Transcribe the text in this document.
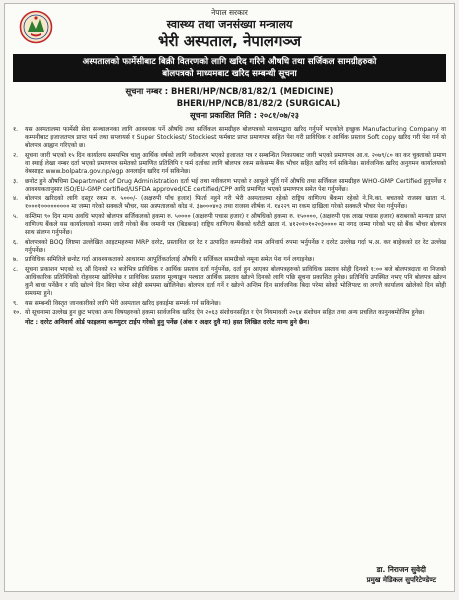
नेपाल सरकार
स्वास्थ्य तथा जनसंख्या मन्त्रालय
भेरी अस्पताल, नेपालगञ्ज
अस्पतालको फार्मेसीबाट बिक्री वितरणको लागि खरिद गरिने औषधि तथा सर्जिकल सामग्रीहरुको
बोलपत्रको माध्यमबाट खरिद सम्बन्धी सूचना
सूचना नम्बर : BHERI/HP/NCB/81/82/1 (MEDICINE)
BHERI/HP/NCB/81/82/2 (SURGICAL)
सूचना प्रकाशित मिति : २०८१/०७/२३
१.	यस अस्पतालमा फार्मेसी सेवा सञ्चालनका लागि आवश्यक पर्ने औषधि तथा सर्जिकल सामग्रीहरु बोलपत्रको माध्यमद्वारा खरिद गर्नुपर्ने भएकोले इच्छुक Manufacturing Company वा कम्पनीबाट इजाजतपत्र प्राप्त फर्म तथा सप्लायर्स र Super Stockiest/ Stockiest फर्मबाट प्राप्त प्रमाणपत्र सहित पेश गरी प्राविधिक र आर्थिक प्रस्ताव Soft copy खरिद गरी पेश गर्न यो बोलपत्र आह्वान गरिएको छ।
२.	सूचना जारी भएको १५ दिन कार्यालय समयभित्र चालु आर्थिक वर्षको लागि नवीकरण भएको इजाजत पत्र र सम्बन्धित निकायबाट जारी भएको प्रमाणपत्र आ.व. २०७९/८० का कर चुक्ताको प्रमाण वा स्थाई लेखा नम्बर दर्ता भएको प्रमाणपत्र समेतको प्रमाणित प्रतिलिपि र फर्म दर्ताका लागि बोलपत्र रकम सकेसम्म बैंक भौचर सहित खरिद गर्न सकिनेछ। सार्वजनिक खरिद अनुगमन कार्यालयको वेबसाइट www.bolpatra.gov.np/egp अनलाईन खरिद गर्न सकिनेछ।
३.	छनोट हुने औषधिमा Department of Drug Administration दर्ता भई तथा नवीकरण भएको र आफूले पूर्ति गर्ने औषधि तथा सर्जिकल सामग्रीहरु WHO-GMP Certified हुनुपर्नेछ र आवश्यकतानुसार ISO/EU-GMP certified/USFDA approved/CE certified/CPP आदि प्रमाणित भएको प्रमाणपत्र समेत पेश गर्नुपर्नेछ।
४.	बोलपत्र खरिदको लागि दस्तुर रकम रु. ५०००/- (अक्षरुपी पाँच हजार) फिर्ता नहुने गरी भेरी अस्पतालमा रहेको राष्ट्रिय वाणिज्य बैंकमा रहेको ने.नि.का. बचतको राजस्व खाता नं. १०००१००००००००० मा जम्मा गरेको सक्कलै भौचर, यस अस्पतालको कोड नं. ३७०००४०३ तथा राजस्व शीर्षक नं. १४२२९ मा रकम दाखिला गरेको सक्कलै भौचर पेश गर्नुपर्नेछ।
५.	कम्तिमा ९० दिन मान्य अवधि भएको बोलपत्र सर्जिकलको हकमा रु. ५०००० (अक्षरुपी पचास हजार) र औषधिको हकमा रु. १५००००, (अक्षरुपी एक लाख पचास हजार) बराबरको मान्यता प्राप्त वाणिज्य बैंकले यस कार्यालयको नाममा जारी गरेको बैंक जमानी पत्र (बिडबन्ड) राष्ट्रिय वाणिज्य बैंकको धरौटी खाता नं. ४१२०१०१०२०३०००० मा नगद जम्मा गरेको भए सो बैंक भौचर बोलपत्र साथ संलग्न गर्नुपर्नेछ।
६.	बोलपत्रको BOQ लिष्टमा उल्लेखित आइटमहरुमा MRP दररेट, प्रस्तावित दर रेट र उत्पादित कम्पनीको नाम अनिवार्य रुपमा भर्नुपर्नेछ र दररेट उल्लेख गर्दा भ.अ. कर बाहेकको दर रेट उल्लेख गर्नुपर्नेछ।
७.	प्राविधिक समितिले छनोट गर्दा आवश्यकताको आधारमा आपूर्तिकर्तालाई औषधि र सर्जिकल सामग्रीको नमूना समेत पेश गर्न लगाइनेछ।
८.	सूचना प्रकाशन भएको १६ औं दिनको १२ बजेभित्र प्राविधिक र आर्थिक प्रस्ताव दर्ता गर्नुपर्नेछ, दर्ता हुन आएका बोलपत्रहरुको प्राविधिक प्रस्ताव सोही दिनको १:०० बजे बोलपत्रदाता वा निजको आधिकारिक प्रतिनिधिको रोहवरमा खोलिनेछ र प्राविधिक प्रस्ताव मूल्याङ्कन पश्चात आर्थिक प्रस्ताव खोल्ने दिनको लागि पछि सूचना प्रकाशित हुनेछ। प्रतिनिधि उपस्थित नभए पनि बोलपत्र खोल्न कुनै बाधा पर्नेछैन र यदि खोल्ने दिन बिदा परेमा सोही समयमा खोलिनेछ। बोलपत्र दर्ता गर्ने र खोल्ने अन्तिम दिन सार्वजनिक बिदा परेमा सोको भोलिपल्ट वा लगत्तै कार्यालय खोलेको दिन सोही समयमा हुने।
९.	यस सम्बन्धी विस्तृत जानकारीको लागि भेरी अस्पताल खरिद इकाईमा सम्पर्क गर्न सकिनेछ।
१०. यो सूचनामा उल्लेख हुन छुट भएका अन्य विषयहरुको हकमा सार्वजनिक खरिद ऐन २०६३ संशोधनसहित र ऐन नियमावली २०६४ संशोधन सहित तथा अन्य प्रचलित कानुनबमोजिम हुनेछ।
नोट : दररेट अनिवार्य ओर्ड फाइलमा कम्प्युटर टाईप गरेको हुनु पर्नेछ (अंक र अक्षर दुवै मा) हस्त लिखित दररेट मान्य हुने छैन।
डा. निराजन सुवेदी
प्रमुख मेडिकल सुपरिटेण्डेण्ट
